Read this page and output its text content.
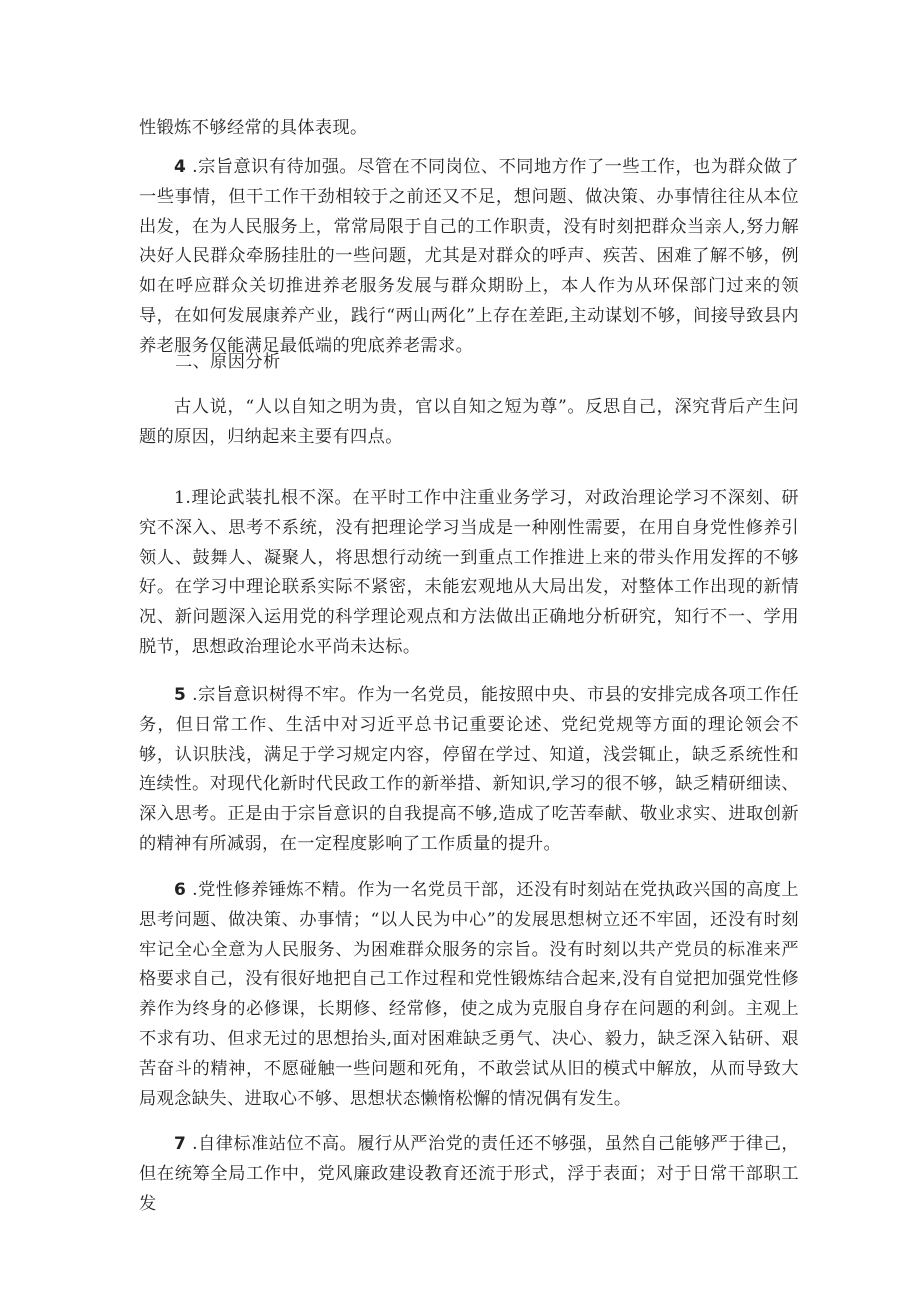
性锻炼不够经常的具体表现。

4 .宗旨意识有待加强。尽管在不同岗位、不同地方作了一些工作，也为群众做了一些事情，但干工作干劲相较于之前还又不足，想问题、做决策、办事情往往从本位出发，在为人民服务上，常常局限于自己的工作职责，没有时刻把群众当亲人,努力解决好人民群众牵肠挂肚的一些问题，尤其是对群众的呼声、疾苦、困难了解不够，例如在呼应群众关切推进养老服务发展与群众期盼上，本人作为从环保部门过来的领导，在如何发展康养产业，践行“两山两化”上存在差距,主动谋划不够，间接导致县内养老服务仅能满足最低端的兜底养老需求。

二、原因分析

古人说，“人以自知之明为贵，官以自知之短为尊”。反思自己，深究背后产生问题的原因，归纳起来主要有四点。

1.理论武装扎根不深。在平时工作中注重业务学习，对政治理论学习不深刻、研究不深入、思考不系统，没有把理论学习当成是一种刚性需要，在用自身党性修养引领人、鼓舞人、凝聚人，将思想行动统一到重点工作推进上来的带头作用发挥的不够好。在学习中理论联系实际不紧密，未能宏观地从大局出发，对整体工作出现的新情况、新问题深入运用党的科学理论观点和方法做出正确地分析研究，知行不一、学用脱节，思想政治理论水平尚未达标。

5 .宗旨意识树得不牢。作为一名党员，能按照中央、市县的安排完成各项工作任务，但日常工作、生活中对习近平总书记重要论述、党纪党规等方面的理论领会不够，认识肤浅，满足于学习规定内容，停留在学过、知道，浅尝辄止，缺乏系统性和连续性。对现代化新时代民政工作的新举措、新知识,学习的很不够，缺乏精研细读、深入思考。正是由于宗旨意识的自我提高不够,造成了吃苦奉献、敬业求实、进取创新的精神有所减弱，在一定程度影响了工作质量的提升。

6 .党性修养锤炼不精。作为一名党员干部，还没有时刻站在党执政兴国的高度上思考问题、做决策、办事情；“以人民为中心”的发展思想树立还不牢固，还没有时刻牢记全心全意为人民服务、为困难群众服务的宗旨。没有时刻以共产党员的标准来严格要求自己，没有很好地把自己工作过程和党性锻炼结合起来,没有自觉把加强党性修养作为终身的必修课，长期修、经常修，使之成为克服自身存在问题的利剑。主观上不求有功、但求无过的思想抬头,面对困难缺乏勇气、决心、毅力，缺乏深入钻研、艰苦奋斗的精神，不愿碰触一些问题和死角，不敢尝试从旧的模式中解放，从而导致大局观念缺失、进取心不够、思想状态懒惰松懈的情况偶有发生。

7 .自律标准站位不高。履行从严治党的责任还不够强，虽然自己能够严于律己，但在统筹全局工作中，党风廉政建设教育还流于形式，浮于表面；对于日常干部职工发
